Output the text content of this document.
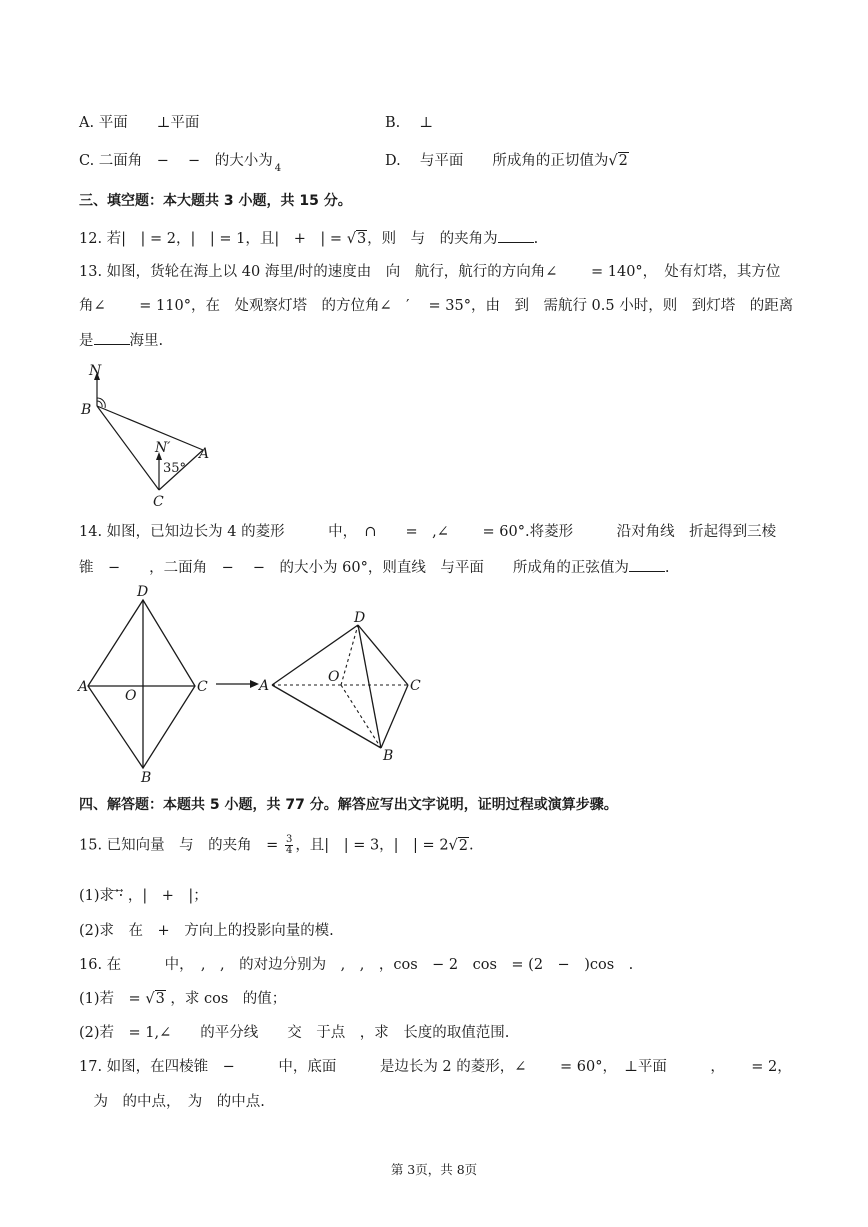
A. 平面　　⊥平面	B.　 ⊥
C. 二面角　−　 −　的大小为
4	D.　 与平面　　所成角的正切值为√2
三、填空题：本大题共 3 小题，共 15 分。
12. 若|　| = 2，|　| = 1，且|　+　| = √3，则　与　的夹角为 .
13. 如图，货轮在海上以 40 海里/时的速度由　向　航行，航行的方向角∠　　 = 140°，　处有灯塔，其方位
角∠　　 = 110°，在　处观察灯塔　的方位角∠　′　 = 35°，由　到　需航行 0.5 小时，则　到灯塔　的距离
是 海里.
N
B
N′ A
35°
C
14. 如图，已知边长为 4 的菱形　　　中，　∩　　=　,∠　　 = 60°.将菱形　　　沿对角线　折起得到三棱
锥　−　　，二面角　−　 −　的大小为 60°，则直线　与平面　　所成角的正弦值为 .
D
A
O
C
B
D
A
O
C
B
四、解答题：本题共 5 小题，共 77 分。解答应写出文字说明，证明过程或演算步骤。
15. 已知向量　与　的夹角　= $\frac{3}{4}$ ，且|　| = 3，|　| = 2√2.
(1)求 ⃗·⃗ ，|　+　|；
(2)求　在　+　方向上的投影向量的模.
16. 在　　　中，　,　,　的对边分别为　,　,　，cos　− 2　cos　= (2　−　)cos　.
(1)若　= √3 ，求 cos　的值；
(2)若　= 1,∠　　的平分线　　交　于点　，求　长度的取值范围.
17. 如图，在四棱锥　−　　　中，底面　　　是边长为 2 的菱形，∠　　 = 60°，　⊥平面　　　，　　 = 2，
　为　的中点，　为　的中点.
第 3页，共 8页
